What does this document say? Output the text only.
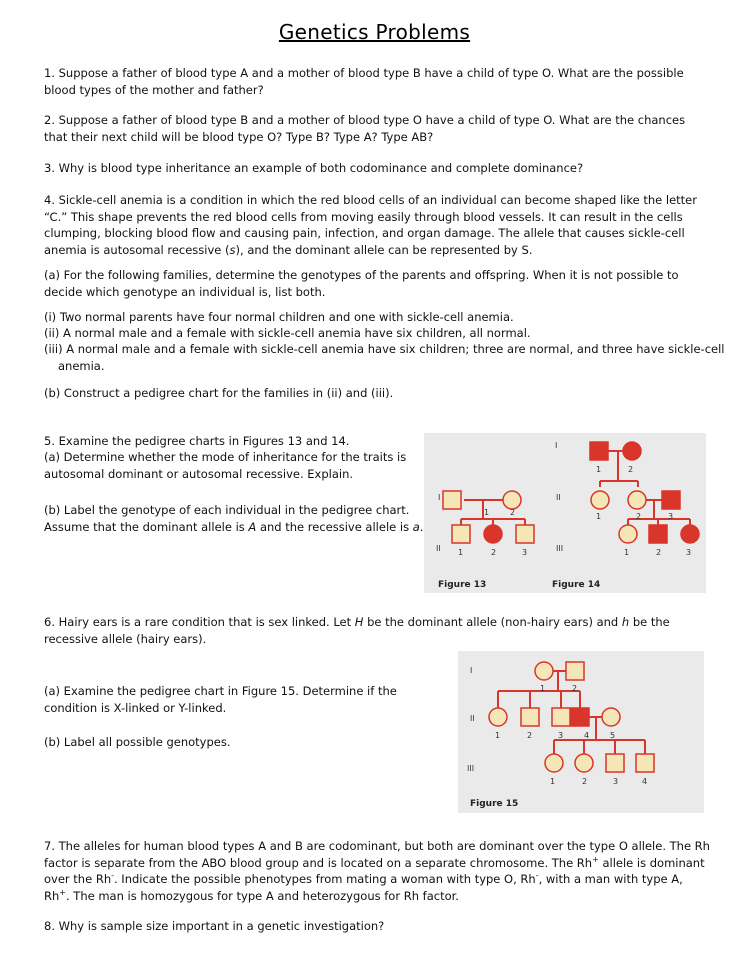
Genetics Problems

1. Suppose a father of blood type A and a mother of blood type B have a child of type O. What are the possible blood types of the mother and father?

2. Suppose a father of blood type B and a mother of blood type O have a child of type O. What are the chances that their next child will be blood type O? Type B? Type A? Type AB?

3. Why is blood type inheritance an example of both codominance and complete dominance?

4. Sickle-cell anemia is a condition in which the red blood cells of an individual can become shaped like the letter “C.” This shape prevents the red blood cells from moving easily through blood vessels. It can result in the cells clumping, blocking blood flow and causing pain, infection, and organ damage. The allele that causes sickle-cell anemia is autosomal recessive (s), and the dominant allele can be represented by S.

(a) For the following families, determine the genotypes of the parents and offspring. When it is not possible to decide which genotype an individual is, list both.

(i) Two normal parents have four normal children and one with sickle-cell anemia.

(ii) A normal male and a female with sickle-cell anemia have six children, all normal.

(iii) A normal male and a female with sickle-cell anemia have six children; three are normal, and three have sickle-cell anemia.

(b) Construct a pedigree chart for the families in (ii) and (iii).

5. Examine the pedigree charts in Figures 13 and 14.

(a) Determine whether the mode of inheritance for the traits is autosomal dominant or autosomal recessive. Explain.

(b) Label the genotype of each individual in the pedigree chart. Assume that the dominant allele is A and the recessive allele is a.

I
II
1	2
1	2	3
I
II
III
1	2
1	2	3
1	2	3
Figure 13	Figure 14

6. Hairy ears is a rare condition that is sex linked. Let H be the dominant allele (non-hairy ears) and h be the recessive allele (hairy ears).

(a) Examine the pedigree chart in Figure 15. Determine if the condition is X-linked or Y-linked.

(b) Label all possible genotypes.

I
II
III
1	2
1	2	3	4	5
1	2	3	4
Figure 15

7. The alleles for human blood types A and B are codominant, but both are dominant over the type O allele. The Rh factor is separate from the ABO blood group and is located on a separate chromosome. The Rh+ allele is dominant over the Rh-. Indicate the possible phenotypes from mating a woman with type O, Rh-, with a man with type A, Rh+. The man is homozygous for type A and heterozygous for Rh factor.

8. Why is sample size important in a genetic investigation?
